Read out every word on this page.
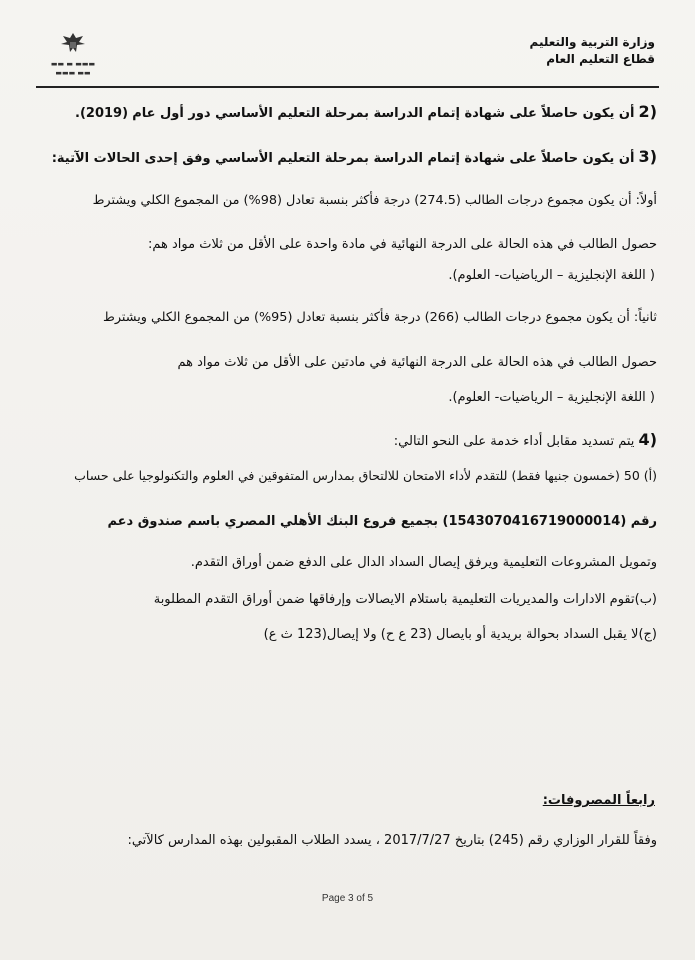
▬▬ ▬ ▬▬▬
▬▬▬ ▬▬
وزارة التربية والتعليم
قطاع التعليم العام
(2 أن يكون حاصلاً على شهادة إتمام الدراسة بمرحلة التعليم الأساسي دور أول عام (2019).
(3 أن يكون حاصلاً على شهادة إتمام الدراسة بمرحلة التعليم الأساسي وفق إحدى الحالات الآتية:
أولاً: أن يكون مجموع درجات الطالب (274.5) درجة فأكثر بنسبة تعادل (98%) من المجموع الكلي ويشترط
حصول الطالب في هذه الحالة على الدرجة النهائية في مادة واحدة على الأقل من ثلاث مواد هم:
( اللغة الإنجليزية – الرياضيات- العلوم).
ثانياً: أن يكون مجموع درجات الطالب (266) درجة فأكثر بنسبة تعادل (95%) من المجموع الكلي ويشترط
حصول الطالب في هذه الحالة على الدرجة النهائية في مادتين على الأقل من ثلاث مواد هم
( اللغة الإنجليزية – الرياضيات- العلوم).
(4 يتم تسديد مقابل أداء خدمة على النحو التالي:
(أ) 50 (خمسون جنيها فقط) للتقدم لأداء الامتحان للالتحاق بمدارس المتفوقين في العلوم والتكنولوجيا على حساب
رقم (1543070416719000014) بجميع فروع البنك الأهلي المصري باسم صندوق دعم
وتمويل المشروعات التعليمية ويرفق إيصال السداد الدال على الدفع ضمن أوراق التقدم.
(ب)تقوم الادارات والمديريات التعليمية باستلام الايصالات وإرفاقها ضمن أوراق التقدم المطلوبة
(ج)لا يقبل السداد بحوالة بريدية أو بايصال (23 ع ح) ولا إيصال(123 ث ع)
رابعاً المصروفات:
وفقاً للقرار الوزاري رقم (245) بتاريخ 2017/7/27 ، يسدد الطلاب المقبولين بهذه المدارس كالآتي:
Page 3 of 5
